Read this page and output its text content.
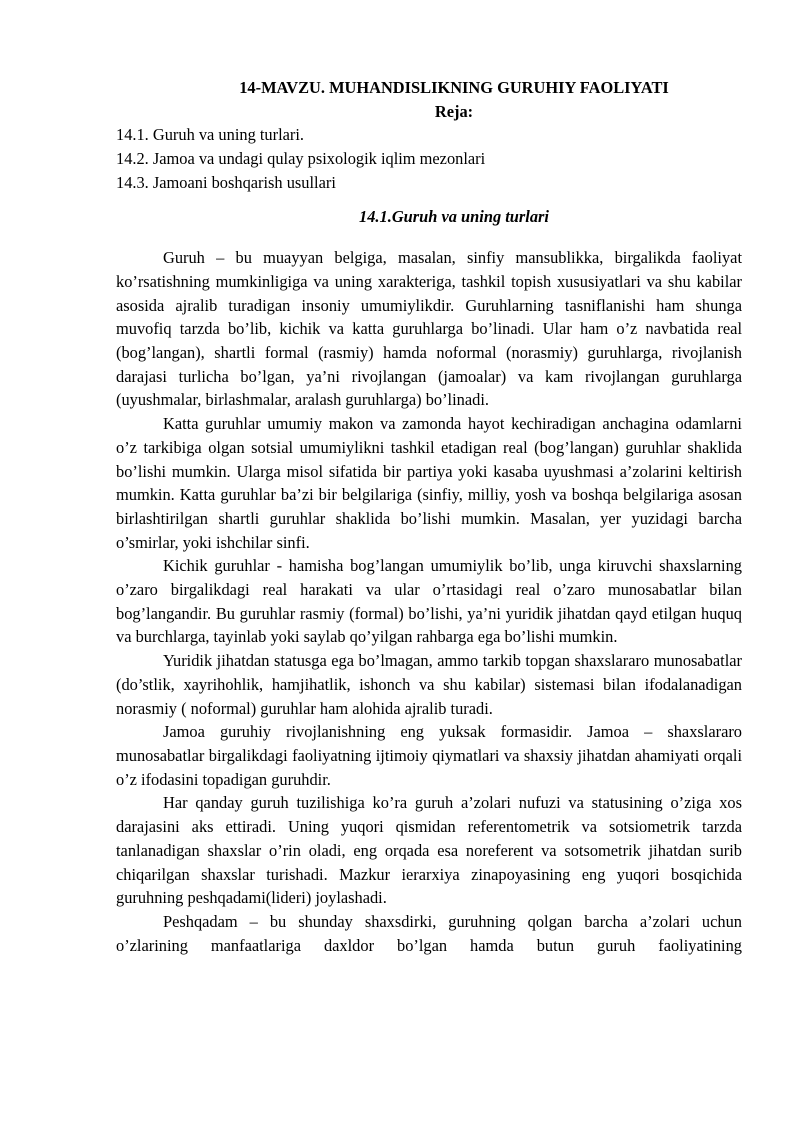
14-MAVZU. MUHANDISLIKNING GURUHIY FAOLIYATI
Reja:
14.1. Guruh va uning turlari.
14.2. Jamoa va undagi qulay psixologik iqlim mezonlari
14.3. Jamoani boshqarish usullari
14.1.Guruh va uning turlari

Guruh – bu muayyan belgiga, masalan, sinfiy mansublikka, birgalikda faoliyat ko’rsatishning mumkinligiga va uning xarakteriga, tashkil topish xususiyatlari va shu kabilar asosida ajralib turadigan insoniy umumiylikdir. Guruhlarning tasniflanishi ham shunga muvofiq tarzda bo’lib, kichik va katta guruhlarga bo’linadi. Ular ham o’z navbatida real (bog’langan), shartli formal (rasmiy) hamda noformal (norasmiy) guruhlarga, rivojlanish darajasi turlicha bo’lgan, ya’ni rivojlangan (jamoalar) va kam rivojlangan guruhlarga (uyushmalar, birlashmalar, aralash guruhlarga) bo’linadi.

Katta guruhlar umumiy makon va zamonda hayot kechiradigan anchagina odamlarni o’z tarkibiga olgan sotsial umumiylikni tashkil etadigan real (bog’langan) guruhlar shaklida bo’lishi mumkin. Ularga misol sifatida bir partiya yoki kasaba uyushmasi a’zolarini keltirish mumkin. Katta guruhlar ba’zi bir belgilariga (sinfiy, milliy, yosh va boshqa belgilariga asosan birlashtirilgan shartli guruhlar shaklida bo’lishi mumkin. Masalan, yer yuzidagi barcha o’smirlar, yoki ishchilar sinfi.

Kichik guruhlar - hamisha bog’langan umumiylik bo’lib, unga kiruvchi shaxslarning o’zaro birgalikdagi real harakati va ular o’rtasidagi real o’zaro munosabatlar bilan bog’langandir. Bu guruhlar rasmiy (formal) bo’lishi, ya’ni yuridik jihatdan qayd etilgan huquq va burchlarga, tayinlab yoki saylab qo’yilgan rahbarga ega bo’lishi mumkin.

Yuridik jihatdan statusga ega bo’lmagan, ammo tarkib topgan shaxslararo munosabatlar (do’stlik, xayrihohlik, hamjihatlik, ishonch va shu kabilar) sistemasi bilan ifodalanadigan norasmiy ( noformal) guruhlar ham alohida ajralib turadi.

Jamoa guruhiy rivojlanishning eng yuksak formasidir. Jamoa – shaxslararo munosabatlar birgalikdagi faoliyatning ijtimoiy qiymatlari va shaxsiy jihatdan ahamiyati orqali o’z ifodasini topadigan guruhdir.

Har qanday guruh tuzilishiga ko’ra guruh a’zolari nufuzi va statusining o’ziga xos darajasini aks ettiradi. Uning yuqori qismidan referentometrik va sotsiometrik tarzda tanlanadigan shaxslar o’rin oladi, eng orqada esa noreferent va sotsometrik jihatdan surib chiqarilgan shaxslar turishadi. Mazkur ierarxiya zinapoyasining eng yuqori bosqichida guruhning peshqadami(lideri) joylashadi.

Peshqadam – bu shunday shaxsdirki, guruhning qolgan barcha a’zolari uchun o’zlarining manfaatlariga daxldor bo’lgan hamda butun guruh faoliyatining
